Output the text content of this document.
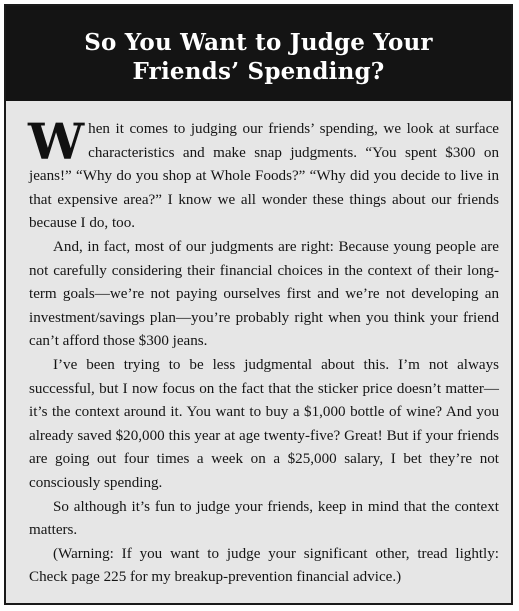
So You Want to Judge Your
Friends’ Spending?

When it comes to judging our friends’ spending, we look at surface characteristics and make snap judgments. “You spent $300 on jeans!” “Why do you shop at Whole Foods?” “Why did you decide to live in that expensive area?” I know we all wonder these things about our friends because I do, too.

And, in fact, most of our judgments are right: Because young people are not carefully considering their financial choices in the context of their long-term goals—we’re not paying ourselves first and we’re not developing an investment/savings plan—you’re probably right when you think your friend can’t afford those $300 jeans.

I’ve been trying to be less judgmental about this. I’m not always successful, but I now focus on the fact that the sticker price doesn’t matter—it’s the context around it. You want to buy a $1,000 bottle of wine? And you already saved $20,000 this year at age twenty-five? Great! But if your friends are going out four times a week on a $25,000 salary, I bet they’re not consciously spending.

So although it’s fun to judge your friends, keep in mind that the context matters.

(Warning: If you want to judge your significant other, tread lightly: Check page 225 for my breakup-prevention financial advice.)
